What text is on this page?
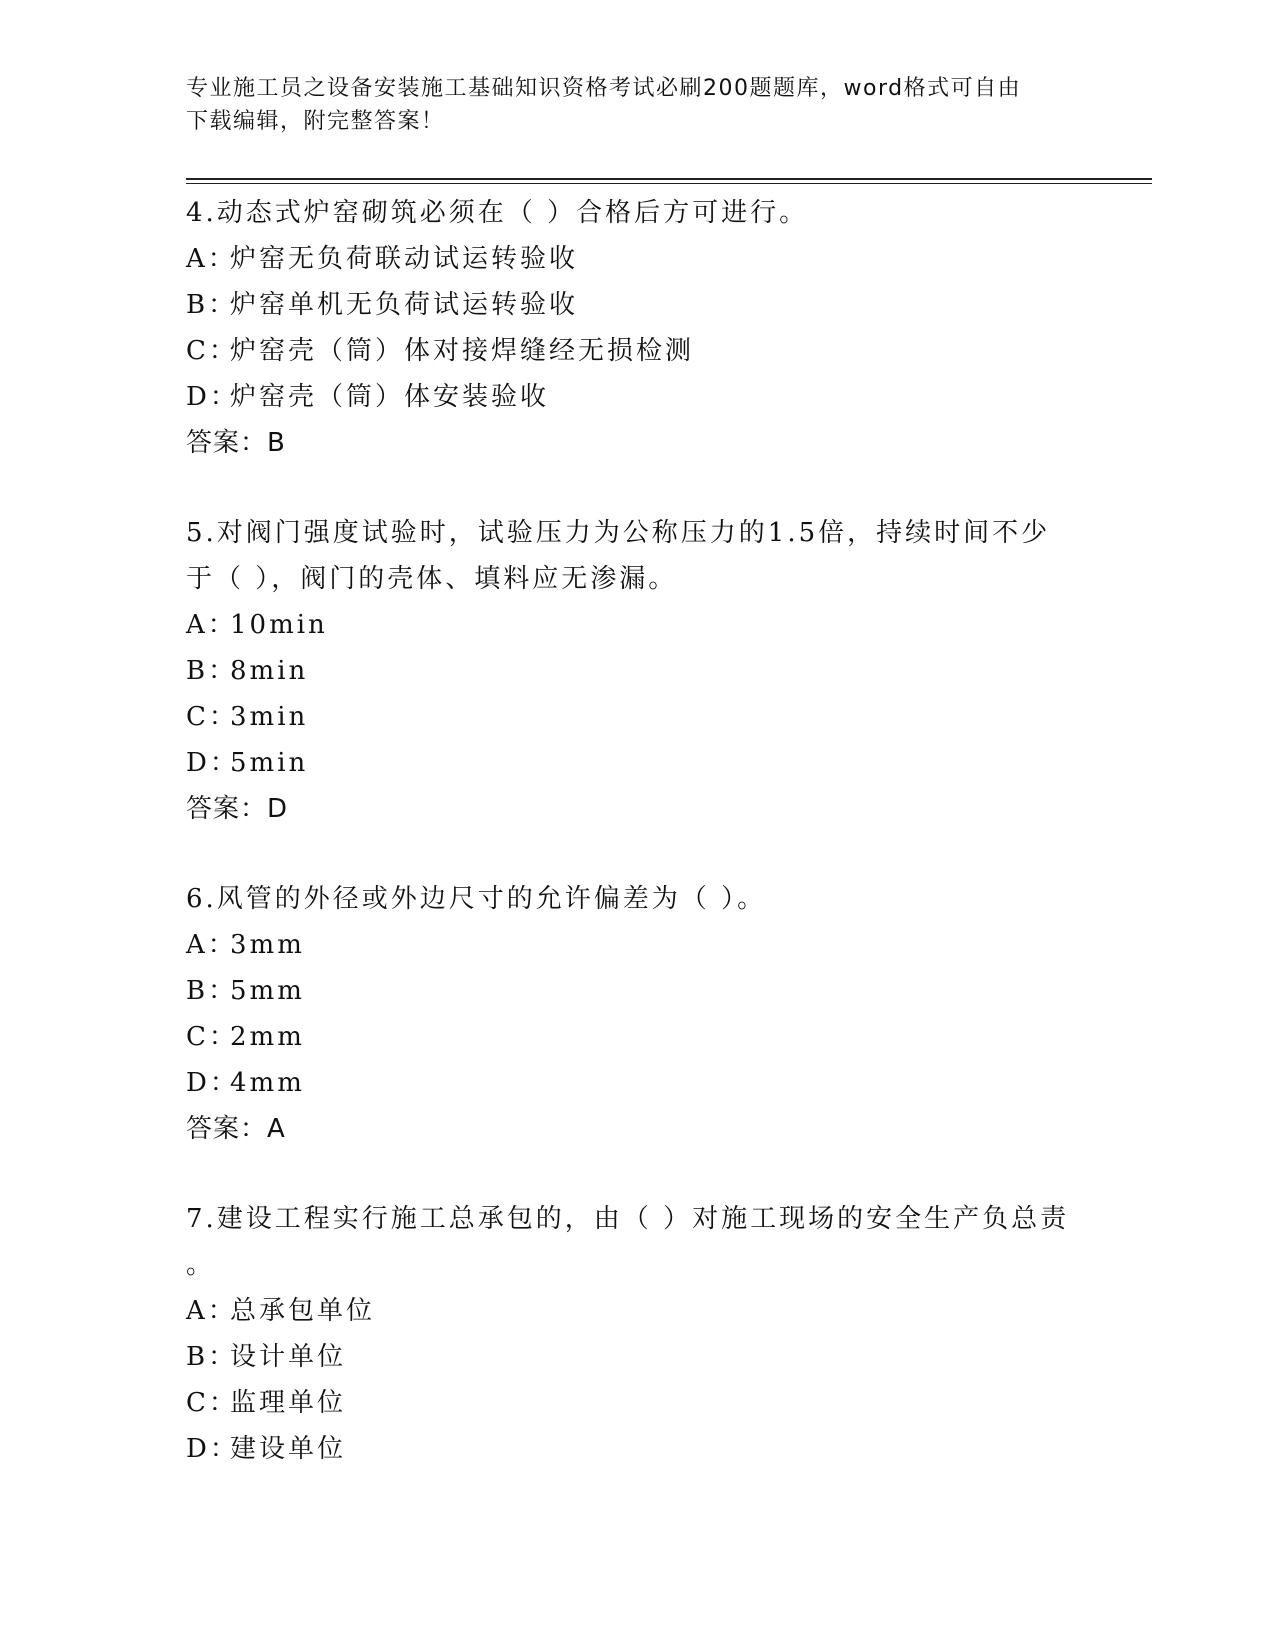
专业施工员之设备安装施工基础知识资格考试必刷200题题库，word格式可自由
下载编辑，附完整答案！

4.动态式炉窑砌筑必须在（ ）合格后方可进行。

A：炉窑无负荷联动试运转验收

B：炉窑单机无负荷试运转验收

C：炉窑壳（筒）体对接焊缝经无损检测

D：炉窑壳（筒）体安装验收

答案：B

5.对阀门强度试验时，试验压力为公称压力的1.5倍，持续时间不少

于（ ），阀门的壳体、填料应无渗漏。

A：10min

B：8min

C：3min

D：5min

答案：D

6.风管的外径或外边尺寸的允许偏差为（ ）。

A：3mm

B：5mm

C：2mm

D：4mm

答案：A

7.建设工程实行施工总承包的，由（ ）对施工现场的安全生产负总责

。

A：总承包单位

B：设计单位

C：监理单位

D：建设单位
